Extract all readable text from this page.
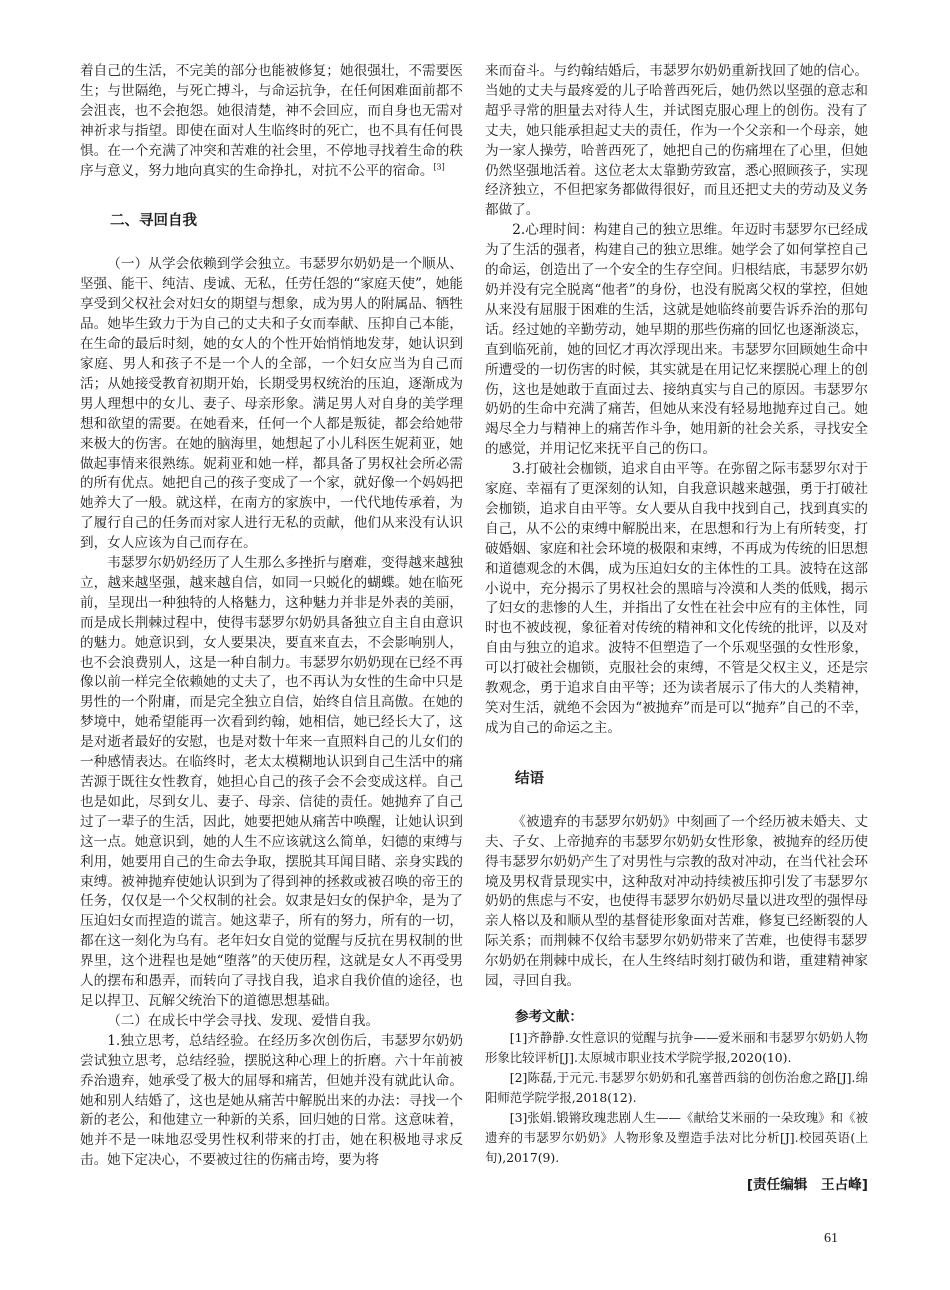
着自己的生活，不完美的部分也能被修复；她很强壮，不需要医生；与世隔绝，与死亡搏斗，与命运抗争，在任何困难面前都不会沮丧，也不会抱怨。她很清楚，神不会回应，而自身也无需对神祈求与指望。即使在面对人生临终时的死亡，也不具有任何畏惧。在一个充满了冲突和苦难的社会里，不停地寻找着生命的秩序与意义，努力地向真实的生命挣扎，对抗不公平的宿命。[3]

二、寻回自我

（一）从学会依赖到学会独立。韦瑟罗尔奶奶是一个顺从、坚强、能干、纯洁、虔诚、无私，任劳任怨的“家庭天使”，她能享受到父权社会对妇女的期望与想象，成为男人的附属品、牺牲品。她毕生致力于为自己的丈夫和子女而奉献、压抑自己本能，在生命的最后时刻，她的女人的个性开始悄悄地发芽，她认识到家庭、男人和孩子不是一个人的全部，一个妇女应当为自己而活；从她接受教育初期开始，长期受男权统治的压迫，逐渐成为男人理想中的女儿、妻子、母亲形象。满足男人对自身的美学理想和欲望的需要。在她看来，任何一个人都是叛徒，都会给她带来极大的伤害。在她的脑海里，她想起了小儿科医生妮莉亚，她做起事情来很熟练。妮莉亚和她一样，都具备了男权社会所必需的所有优点。她把自己的孩子变成了一个家，就好像一个妈妈把她养大了一般。就这样，在南方的家族中，一代代地传承着，为了履行自己的任务而对家人进行无私的贡献，他们从来没有认识到，女人应该为自己而存在。

韦瑟罗尔奶奶经历了人生那么多挫折与磨难，变得越来越独立，越来越坚强，越来越自信，如同一只蜕化的蝴蝶。她在临死前，呈现出一种独特的人格魅力，这种魅力并非是外表的美丽，而是成长荆棘过程中，使得韦瑟罗尔奶奶具备独立自主自由意识的魅力。她意识到，女人要果决，要直来直去，不会影响别人，也不会浪费别人，这是一种自制力。韦瑟罗尔奶奶现在已经不再像以前一样完全依赖她的丈夫了，也不再认为女性的生命中只是男性的一个附庸，而是完全独立自信，始终自信且高傲。在她的梦境中，她希望能再一次看到约翰，她相信，她已经长大了，这是对逝者最好的安慰，也是对数十年来一直照料自己的儿女们的一种感情表达。在临终时，老太太模糊地认识到自己生活中的痛苦源于既往女性教育，她担心自己的孩子会不会变成这样。自己也是如此，尽到女儿、妻子、母亲、信徒的责任。她抛弃了自己过了一辈子的生活，因此，她要把她从痛苦中唤醒，让她认识到这一点。她意识到，她的人生不应该就这么简单，妇德的束缚与利用，她要用自己的生命去争取，摆脱其耳闻目睹、亲身实践的束缚。被神抛弃使她认识到为了得到神的拯救或被召唤的帝王的任务，仅仅是一个父权制的社会。奴隶是妇女的保护伞，是为了压迫妇女而捏造的谎言。她这辈子，所有的努力，所有的一切，都在这一刻化为乌有。老年妇女自觉的觉醒与反抗在男权制的世界里，这个进程也是她“堕落”的天使历程，这就是女人不再受男人的摆布和愚弄，而转向了寻找自我，追求自我价值的途径，也足以捍卫、瓦解父统治下的道德思想基础。

（二）在成长中学会寻找、发现、爱惜自我。

1.独立思考，总结经验。在经历多次创伤后，韦瑟罗尔奶奶尝试独立思考，总结经验，摆脱这种心理上的折磨。六十年前被乔治遗弃，她承受了极大的屈辱和痛苦，但她并没有就此认命。她和别人结婚了，这也是她从痛苦中解脱出来的办法：寻找一个新的老公，和他建立一种新的关系，回归她的日常。这意味着，她并不是一味地忍受男性权利带来的打击，她在积极地寻求反击。她下定决心，不要被过往的伤痛击垮，要为将

来而奋斗。与约翰结婚后，韦瑟罗尔奶奶重新找回了她的信心。当她的丈夫与最疼爱的儿子哈普西死后，她仍然以坚强的意志和超乎寻常的胆量去对待人生，并试图克服心理上的创伤。没有了丈夫，她只能承担起丈夫的责任，作为一个父亲和一个母亲，她为一家人操劳，哈普西死了，她把自己的伤痛埋在了心里，但她仍然坚强地活着。这位老太太靠勤劳致富，悉心照顾孩子，实现经济独立，不但把家务都做得很好，而且还把丈夫的劳动及义务都做了。

2.心理时间：构建自己的独立思维。年迈时韦瑟罗尔已经成为了生活的强者，构建自己的独立思维。她学会了如何掌控自己的命运，创造出了一个安全的生存空间。归根结底，韦瑟罗尔奶奶并没有完全脱离“他者”的身份，也没有脱离父权的掌控，但她从来没有屈服于困难的生活，这就是她临终前要告诉乔治的那句话。经过她的辛勤劳动，她早期的那些伤痛的回忆也逐渐淡忘，直到临死前，她的回忆才再次浮现出来。韦瑟罗尔回顾她生命中所遭受的一切伤害的时候，其实就是在用记忆来摆脱心理上的创伤，这也是她敢于直面过去、接纳真实与自己的原因。韦瑟罗尔奶奶的生命中充满了痛苦，但她从来没有轻易地抛弃过自己。她竭尽全力与精神上的痛苦作斗争，她用新的社会关系，寻找安全的感觉，并用记忆来抚平自己的伤口。

3.打破社会枷锁，追求自由平等。在弥留之际韦瑟罗尔对于家庭、幸福有了更深刻的认知，自我意识越来越强，勇于打破社会枷锁，追求自由平等。女人要从自我中找到自己，找到真实的自己，从不公的束缚中解脱出来，在思想和行为上有所转变，打破婚姻、家庭和社会环境的极限和束缚，不再成为传统的旧思想和道德观念的木偶，成为压迫妇女的主体性的工具。波特在这部小说中，充分揭示了男权社会的黑暗与冷漠和人类的低贱，揭示了妇女的悲惨的人生，并指出了女性在社会中应有的主体性，同时也不被歧视，象征着对传统的精神和文化传统的批评，以及对自由与独立的追求。波特不但塑造了一个乐观坚强的女性形象，可以打破社会枷锁，克服社会的束缚，不管是父权主义，还是宗教观念，勇于追求自由平等；还为读者展示了伟大的人类精神，笑对生活，就绝不会因为“被抛弃”而是可以“抛弃”自己的不幸，成为自己的命运之主。

结语

《被遗弃的韦瑟罗尔奶奶》中刻画了一个经历被未婚夫、丈夫、子女、上帝抛弃的韦瑟罗尔奶奶女性形象，被抛弃的经历使得韦瑟罗尔奶奶产生了对男性与宗教的敌对冲动，在当代社会环境及男权背景现实中，这种敌对冲动持续被压抑引发了韦瑟罗尔奶奶的焦虑与不安，也使得韦瑟罗尔奶奶尽量以进攻型的强悍母亲人格以及和顺从型的基督徒形象面对苦难，修复已经断裂的人际关系；而荆棘不仅给韦瑟罗尔奶奶带来了苦难，也使得韦瑟罗尔奶奶在荆棘中成长，在人生终结时刻打破伪和谐，重建精神家园，寻回自我。

参考文献：

[1]齐静静.女性意识的觉醒与抗争——爱米丽和韦瑟罗尔奶奶人物形象比较评析[J].太原城市职业技术学院学报,2020(10).

[2]陈磊,于元元.韦瑟罗尔奶奶和孔塞普西翁的创伤治愈之路[J].绵阳师范学院学报,2018(12).

[3]张娟.锻锵玫瑰悲剧人生——《献给艾米丽的一朵玫瑰》和《被遗弃的韦瑟罗尔奶奶》人物形象及塑造手法对比分析[J].校园英语(上旬),2017(9).

[责任编辑　王占峰]
61
